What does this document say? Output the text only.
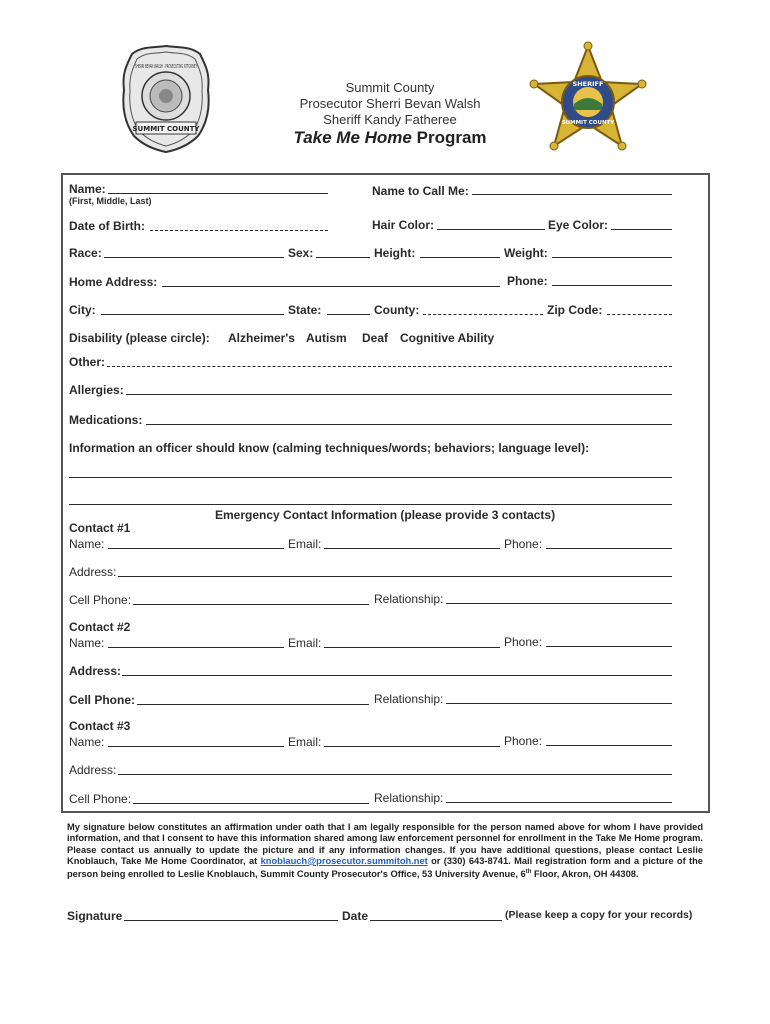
SUMMIT COUNTY
SHERRI BEVAN WALSH · PROSECUTING ATTORNEY
SHERIFF
SUMMIT COUNTY
Summit County
Prosecutor Sherri Bevan Walsh
Sheriff Kandy Fatheree
Take Me Home Program
Name:
(First, Middle, Last)
Name to Call Me:
Date of Birth:	Hair Color:	Eye Color:
Race:	Sex:	Height:	Weight:
Home Address:	Phone:
City:	State:	County:	Zip Code:
Disability (please circle): Alzheimer's Autism Deaf Cognitive Ability
Other:
Allergies:
Medications:
Information an officer should know (calming techniques/words; behaviors; language level):
Emergency Contact Information (please provide 3 contacts)
Contact #1
Name:	Email:	Phone:
Address:
Cell Phone:	Relationship:
Contact #2
Name:	Email:	Phone:
Address:
Cell Phone:	Relationship:
Contact #3
Name:	Email:	Phone:
Address:
Cell Phone:	Relationship:
My signature below constitutes an affirmation under oath that I am legally responsible for the person named above for whom I have provided information, and that I consent to have this information shared among law enforcement personnel for enrollment in the Take Me Home program. Please contact us annually to update the picture and if any information changes. If you have additional questions, please contact Leslie Knoblauch, Take Me Home Coordinator, at knoblauch@prosecutor.summitoh.net or (330) 643-8741. Mail registration form and a picture of the person being enrolled to Leslie Knoblauch, Summit County Prosecutor's Office, 53 University Avenue, 6th Floor, Akron, OH 44308.
Signature	Date	(Please keep a copy for your records)
